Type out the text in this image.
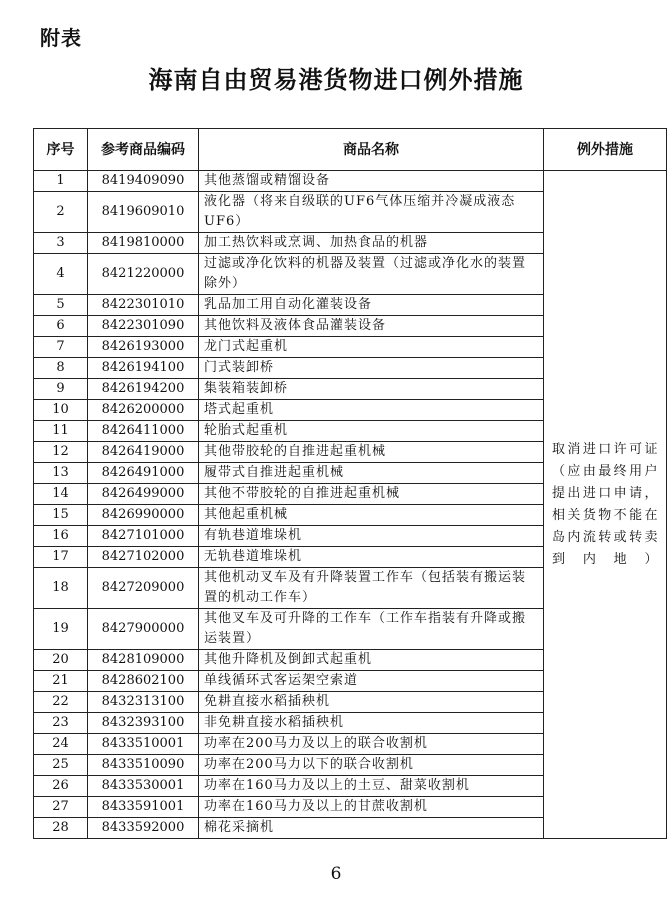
附表
海南自由贸易港货物进口例外措施
序号	参考商品编码	商品名称	例外措施
1	8419409090	其他蒸馏或精馏设备	取消进口许可证（应由最终用户提出进口申请，相关货物不能在岛内流转或转卖到内地）
2	8419609010	液化器（将来自级联的UF6气体压缩并冷凝成液态UF6）	
3	8419810000	加工热饮料或烹调、加热食品的机器	
4	8421220000	过滤或净化饮料的机器及装置（过滤或净化水的装置除外）	
5	8422301010	乳品加工用自动化灌装设备	
6	8422301090	其他饮料及液体食品灌装设备	
7	8426193000	龙门式起重机	
8	8426194100	门式装卸桥	
9	8426194200	集装箱装卸桥	
10	8426200000	塔式起重机	
11	8426411000	轮胎式起重机	
12	8426419000	其他带胶轮的自推进起重机械	
13	8426491000	履带式自推进起重机械	
14	8426499000	其他不带胶轮的自推进起重机械	
15	8426990000	其他起重机械	
16	8427101000	有轨巷道堆垛机	
17	8427102000	无轨巷道堆垛机	
18	8427209000	其他机动叉车及有升降装置工作车（包括装有搬运装置的机动工作车）	
19	8427900000	其他叉车及可升降的工作车（工作车指装有升降或搬运装置）	
20	8428109000	其他升降机及倒卸式起重机	
21	8428602100	单线循环式客运架空索道	
22	8432313100	免耕直接水稻插秧机	
23	8432393100	非免耕直接水稻插秧机	
24	8433510001	功率在200马力及以上的联合收割机	
25	8433510090	功率在200马力以下的联合收割机	
26	8433530001	功率在160马力及以上的土豆、甜菜收割机	
27	8433591001	功率在160马力及以上的甘蔗收割机	
28	8433592000	棉花采摘机	
6
